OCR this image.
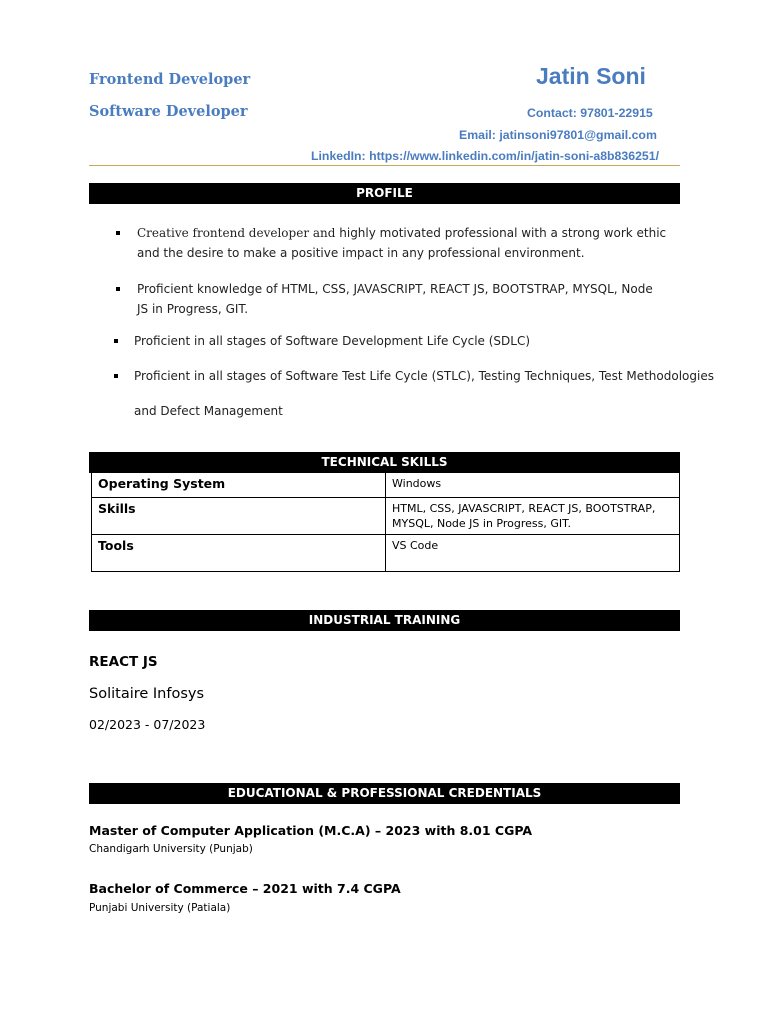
Frontend Developer
Software Developer
Jatin Soni
Contact: 97801-22915
Email: jatinsoni97801@gmail.com
LinkedIn: https://www.linkedin.com/in/jatin-soni-a8b836251/
PROFILE
Creative frontend developer and highly motivated professional with a strong work ethic and the desire to make a positive impact in any professional environment.
Proficient knowledge of HTML, CSS, JAVASCRIPT, REACT JS, BOOTSTRAP, MYSQL, Node JS in Progress, GIT.
Proficient in all stages of Software Development Life Cycle (SDLC)
Proficient in all stages of Software Test Life Cycle (STLC), Testing Techniques, Test Methodologies
and Defect Management
TECHNICAL SKILLS
Operating System	Windows
Skills	HTML, CSS, JAVASCRIPT, REACT JS, BOOTSTRAP, MYSQL, Node JS in Progress, GIT.
Tools	VS Code
INDUSTRIAL TRAINING
REACT JS
Solitaire Infosys
02/2023 - 07/2023
EDUCATIONAL & PROFESSIONAL CREDENTIALS
Master of Computer Application (M.C.A) – 2023 with 8.01 CGPA
Chandigarh University (Punjab)
Bachelor of Commerce – 2021 with 7.4 CGPA
Punjabi University (Patiala)
